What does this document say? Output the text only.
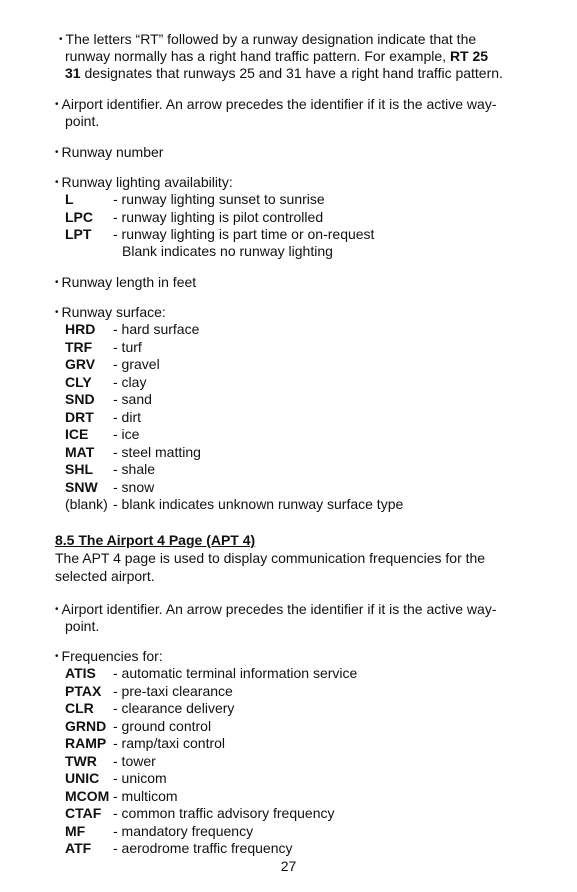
• The letters “RT” followed by a runway designation indicate that the
runway normally has a right hand traffic pattern. For example, RT 25
31 designates that runways 25 and 31 have a right hand traffic pattern.
• Airport identifier. An arrow precedes the identifier if it is the active way-
point.
• Runway number
• Runway lighting availability:
L	- runway lighting sunset to sunrise
LPC - runway lighting is pilot controlled
LPT - runway lighting is part time or on-request
Blank indicates no runway lighting
• Runway length in feet
• Runway surface:
HRD - hard surface
TRF - turf
GRV - gravel
CLY - clay
SND - sand
DRT - dirt
ICE - ice
MAT - steel matting
SHL - shale
SNW - snow
(blank) - blank indicates unknown runway surface type
8.5 The Airport 4 Page (APT 4)
The APT 4 page is used to display communication frequencies for the
selected airport.
• Airport identifier. An arrow precedes the identifier if it is the active way-
point.
• Frequencies for:
ATIS - automatic terminal information service
PTAX - pre-taxi clearance
CLR - clearance delivery
GRND - ground control
RAMP - ramp/taxi control
TWR - tower
UNIC - unicom
MCOM - multicom
CTAF - common traffic advisory frequency
MF - mandatory frequency
ATF - aerodrome traffic frequency
27
